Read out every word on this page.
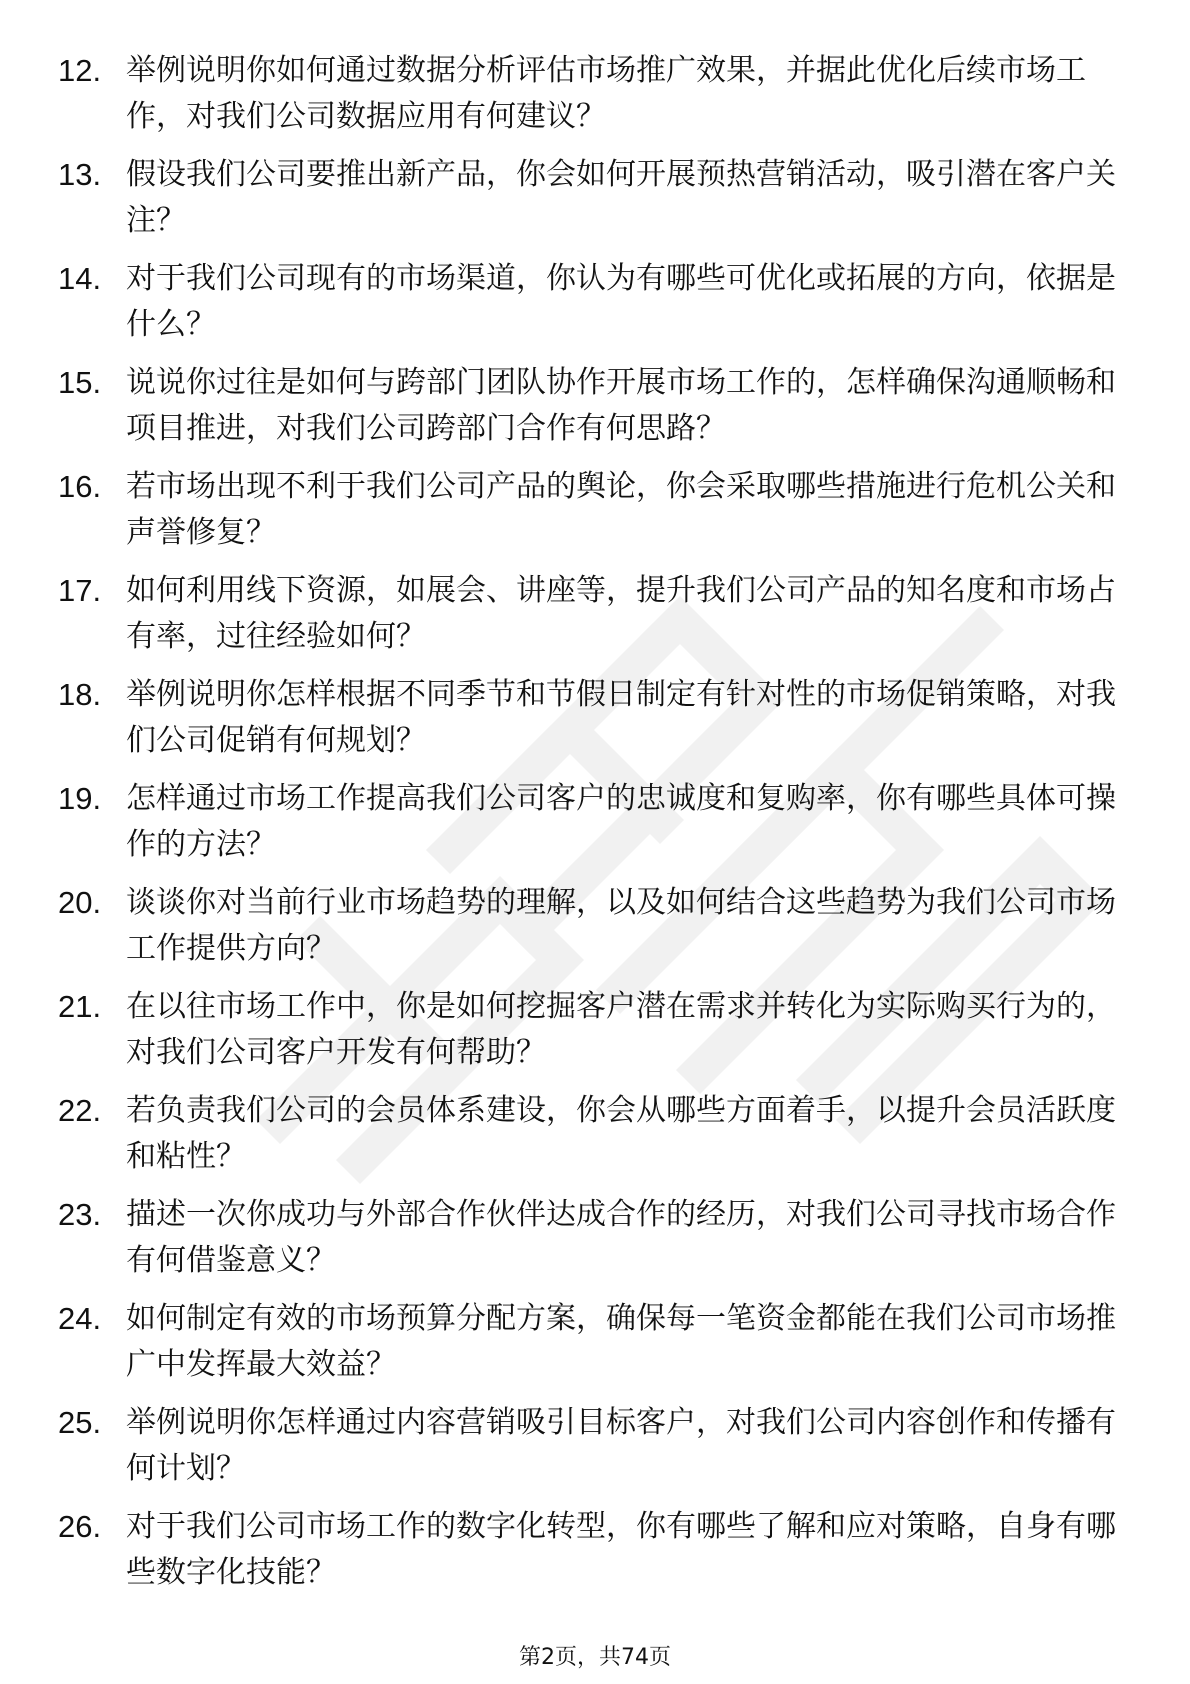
12. 举例说明你如何通过数据分析评估市场推广效果，并据此优化后续市场工作，对我们公司数据应用有何建议？
13. 假设我们公司要推出新产品，你会如何开展预热营销活动，吸引潜在客户关注？
14. 对于我们公司现有的市场渠道，你认为有哪些可优化或拓展的方向，依据是什么？
15. 说说你过往是如何与跨部门团队协作开展市场工作的，怎样确保沟通顺畅和项目推进，对我们公司跨部门合作有何思路？
16. 若市场出现不利于我们公司产品的舆论，你会采取哪些措施进行危机公关和声誉修复？
17. 如何利用线下资源，如展会、讲座等，提升我们公司产品的知名度和市场占有率，过往经验如何？
18. 举例说明你怎样根据不同季节和节假日制定有针对性的市场促销策略，对我们公司促销有何规划？
19. 怎样通过市场工作提高我们公司客户的忠诚度和复购率，你有哪些具体可操作的方法？
20. 谈谈你对当前行业市场趋势的理解，以及如何结合这些趋势为我们公司市场工作提供方向？
21. 在以往市场工作中，你是如何挖掘客户潜在需求并转化为实际购买行为的，对我们公司客户开发有何帮助？
22. 若负责我们公司的会员体系建设，你会从哪些方面着手，以提升会员活跃度和粘性？
23. 描述一次你成功与外部合作伙伴达成合作的经历，对我们公司寻找市场合作有何借鉴意义？
24. 如何制定有效的市场预算分配方案，确保每一笔资金都能在我们公司市场推广中发挥最大效益？
25. 举例说明你怎样通过内容营销吸引目标客户，对我们公司内容创作和传播有何计划？
26. 对于我们公司市场工作的数字化转型，你有哪些了解和应对策略，自身有哪些数字化技能？
第2页，共74页
